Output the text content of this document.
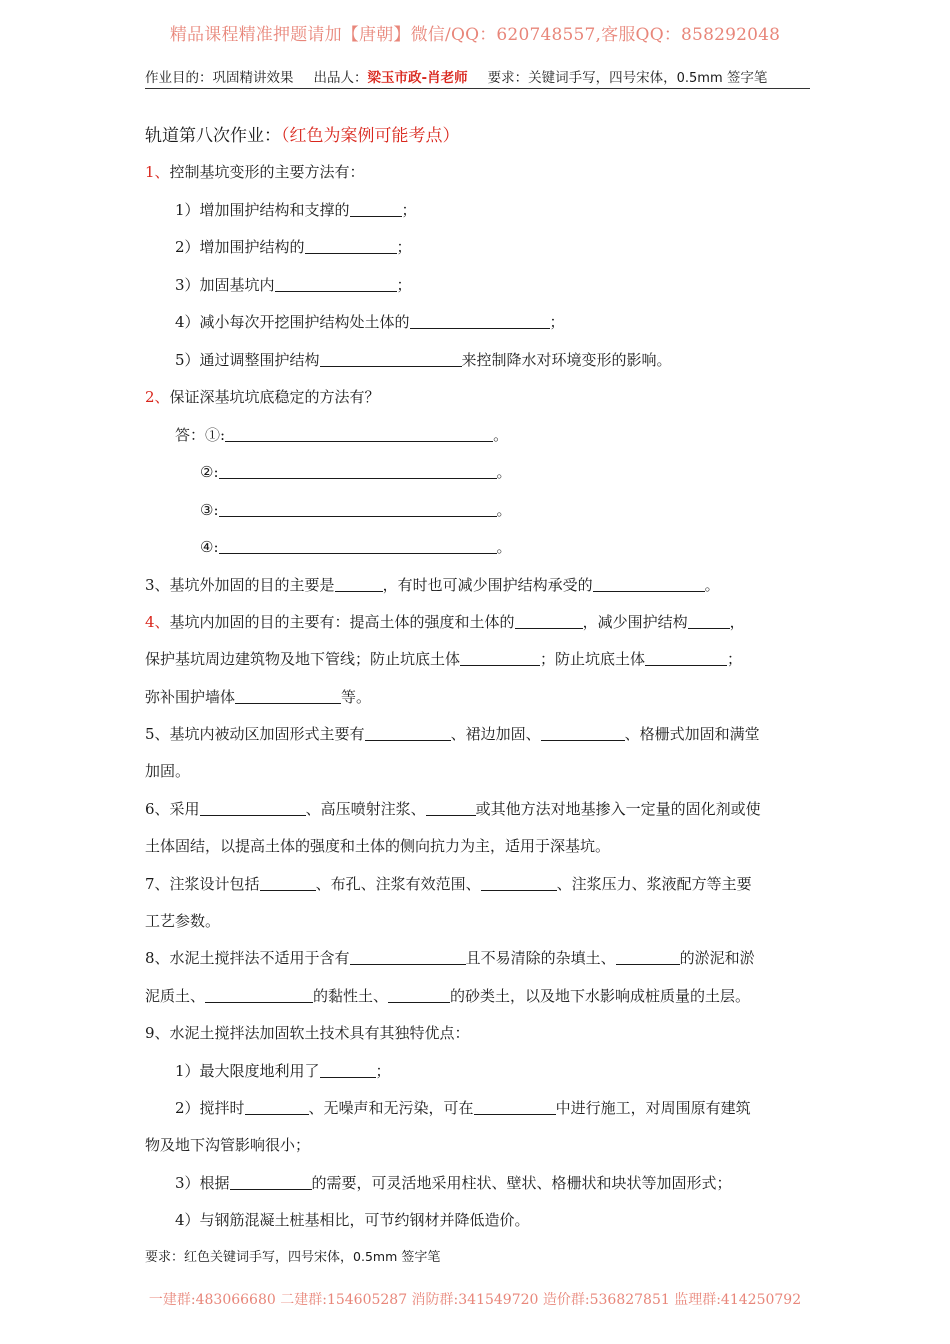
精品课程精准押题请加【唐朝】微信/QQ：620748557,客服QQ：858292048
作业目的：巩固精讲效果 出品人：梁玉市政-肖老师 要求：关键词手写，四号宋体，0.5mm 签字笔
轨道第八次作业：（红色为案例可能考点）
1、控制基坑变形的主要方法有：
1）增加围护结构和支撑的	；
2）增加围护结构的	；
3）加固基坑内	；
4）减小每次开挖围护结构处土体的	；
5）通过调整围护结构	来控制降水对环境变形的影响。
2、保证深基坑坑底稳定的方法有？
答：①:	。
②:	。
③:	。
④:	。
3、基坑外加固的目的主要是	，有时也可减少围护结构承受的	。
4、基坑内加固的目的主要有：提高土体的强度和土体的	，减少围护结构	，
保护基坑周边建筑物及地下管线；防止坑底土体	；防止坑底土体	；
弥补围护墙体	等。
5、基坑内被动区加固形式主要有	、裙边加固、	、格栅式加固和满堂
加固。
6、采用	、高压喷射注浆、	或其他方法对地基掺入一定量的固化剂或使
土体固结，以提高土体的强度和土体的侧向抗力为主，适用于深基坑。
7、注浆设计包括	、布孔、注浆有效范围、	、注浆压力、浆液配方等主要
工艺参数。
8、水泥土搅拌法不适用于含有	且不易清除的杂填土、	的淤泥和淤
泥质土、	的黏性土、	的砂类土，以及地下水影响成桩质量的土层。
9、水泥土搅拌法加固软土技术具有其独特优点：
1）最大限度地利用了	；
2）搅拌时	、无噪声和无污染，可在	中进行施工，对周围原有建筑
物及地下沟管影响很小；
3）根据	的需要，可灵活地采用柱状、壁状、格栅状和块状等加固形式；
4）与钢筋混凝土桩基相比，可节约钢材并降低造价。
要求：红色关键词手写，四号宋体，0.5mm 签字笔
一建群:483066680 二建群:154605287 消防群:341549720 造价群:536827851 监理群:414250792
